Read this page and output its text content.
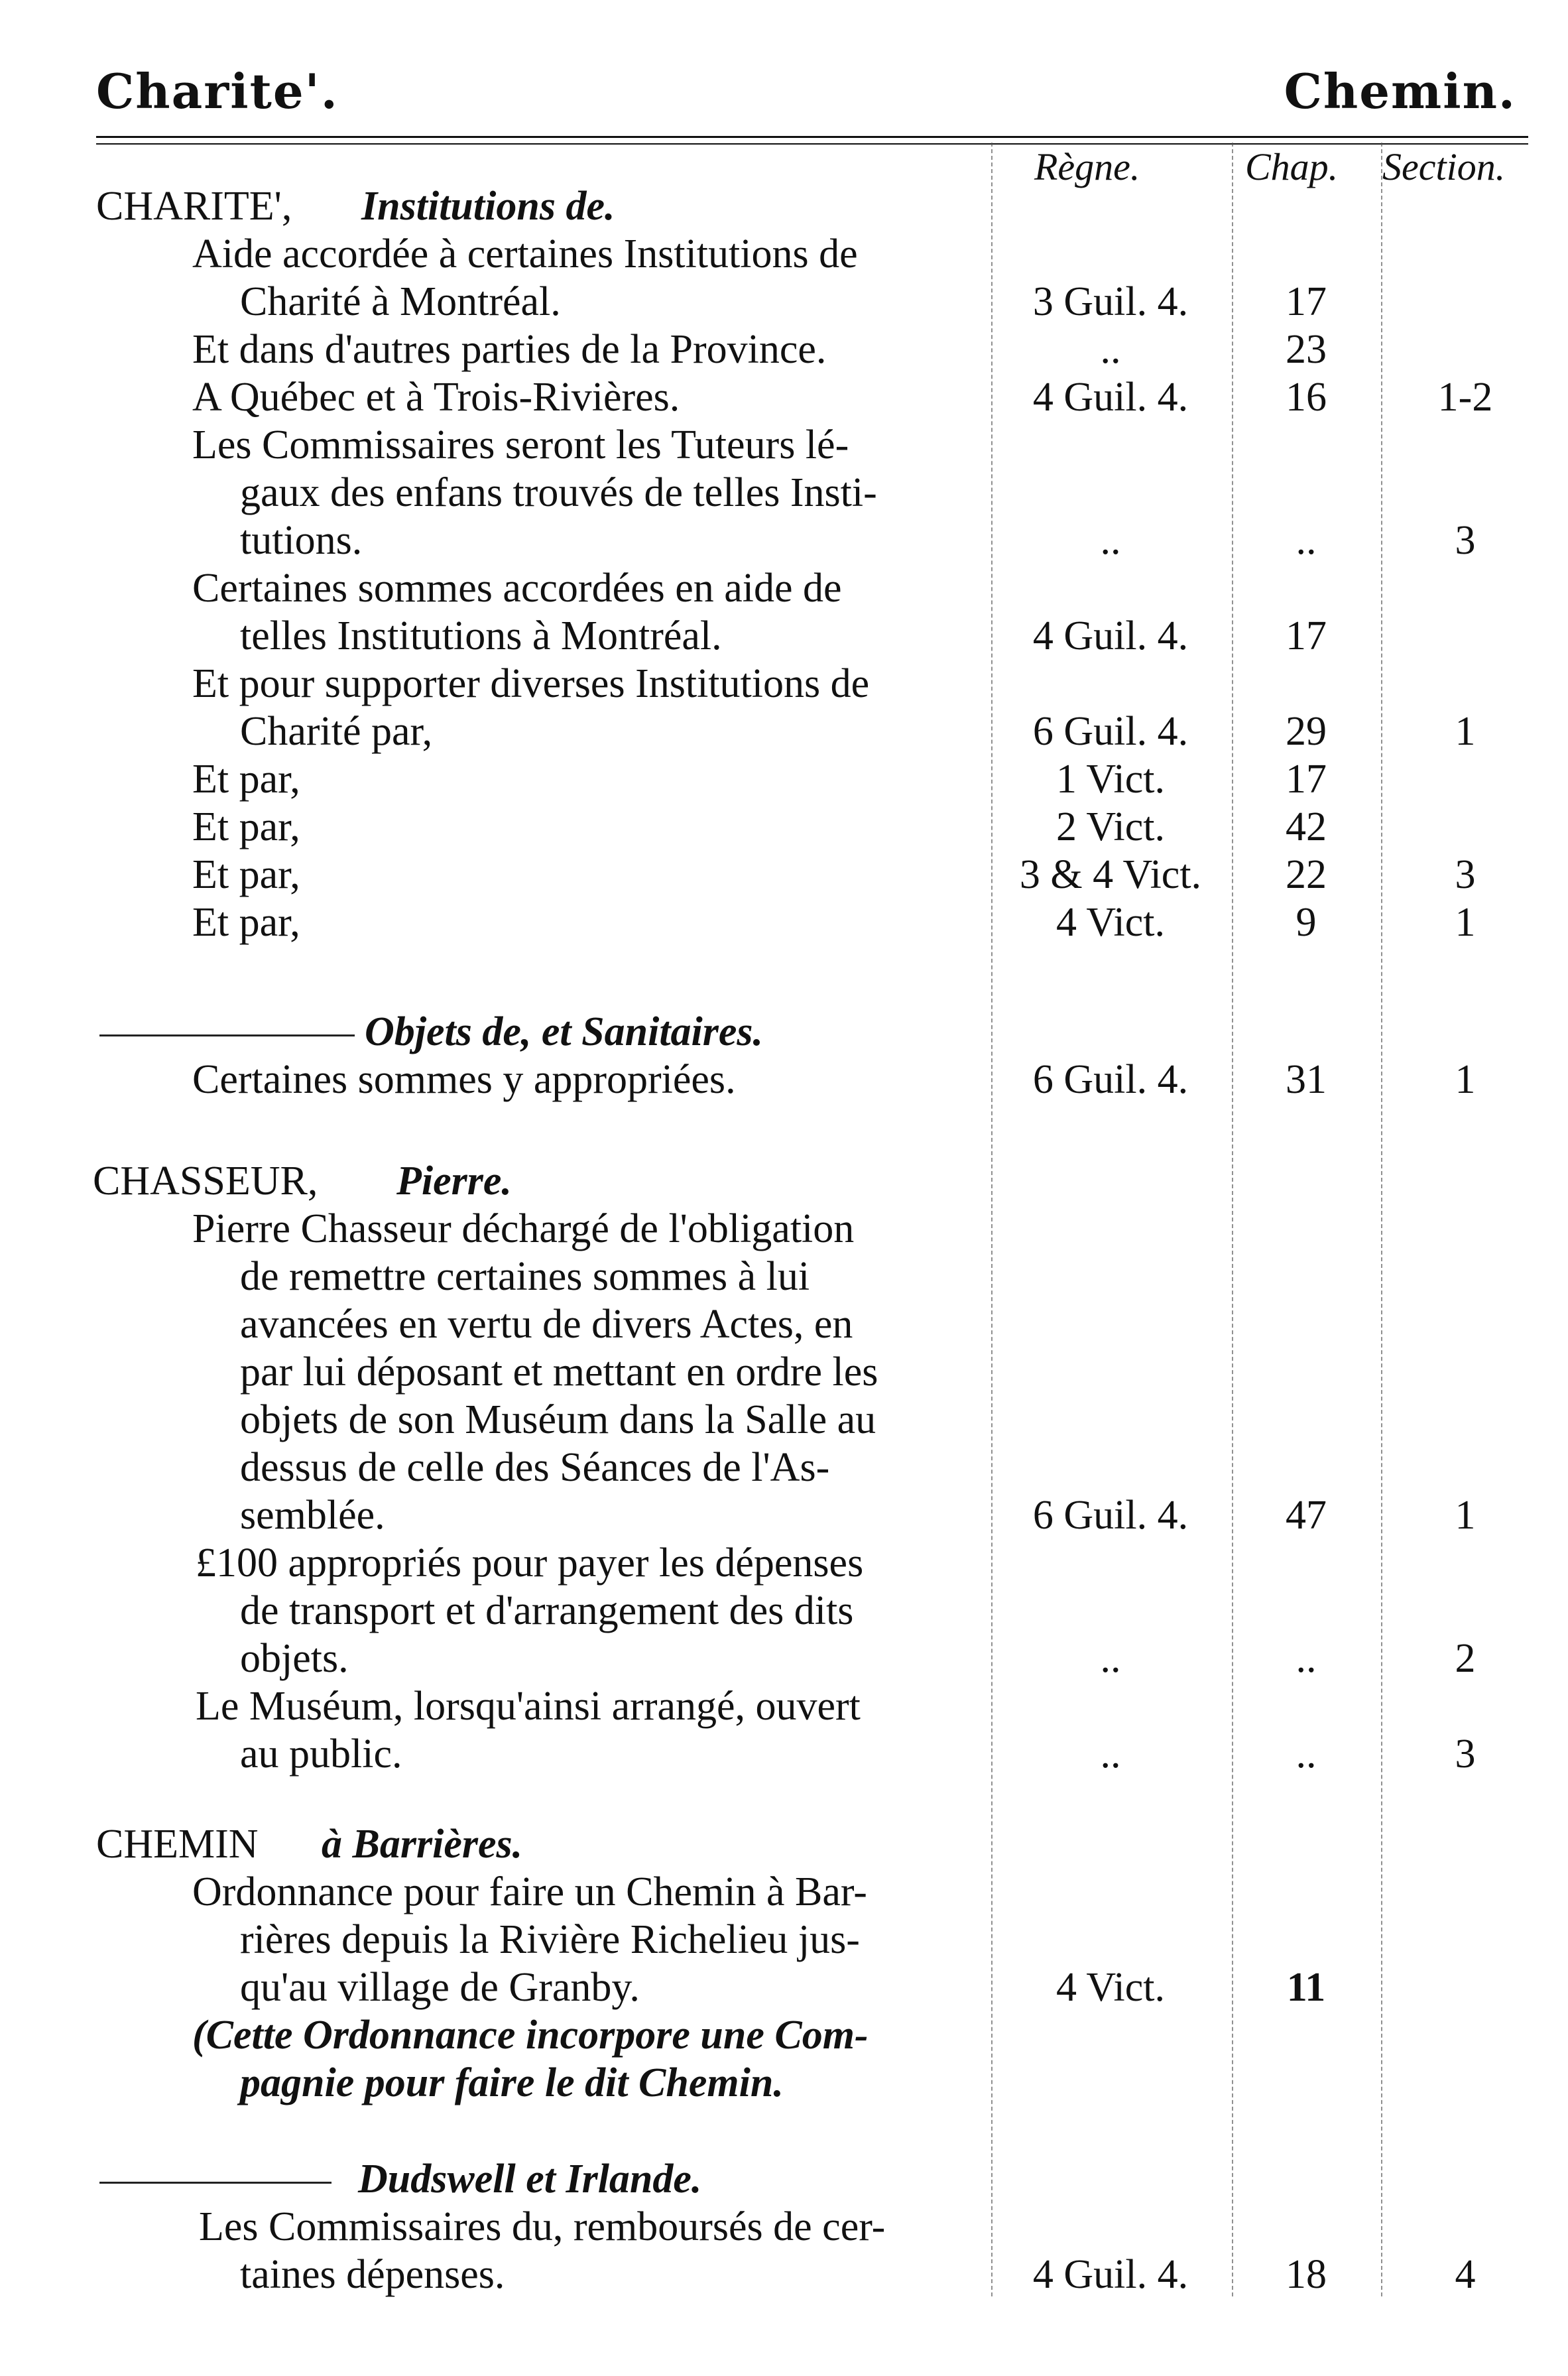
Charite'.	Chemin.
Règne.	Chap. Section.
CHARITE', Institutions de.
Aide accordée à certaines Institutions de
Charité à Montréal.	3 Guil. 4.	17
Et dans d'autres parties de la Province.	..	23
A Québec et à Trois-Rivières.	4 Guil. 4.	16	1-2
Les Commissaires seront les Tuteurs lé-
gaux des enfans trouvés de telles Insti-
tutions.	..	..	3
Certaines sommes accordées en aide de
telles Institutions à Montréal.	4 Guil. 4.	17
Et pour supporter diverses Institutions de
Charité par,	6 Guil. 4.	29	1
Et par,	1 Vict.	17
Et par,	2 Vict.	42
Et par,	3 & 4 Vict.	22	3
Et par,	4 Vict.	9	1
Objets de, et Sanitaires.
Certaines sommes y appropriées.	6 Guil. 4.	31	1
CHASSEUR, Pierre.
Pierre Chasseur déchargé de l'obligation
de remettre certaines sommes à lui
avancées en vertu de divers Actes, en
par lui déposant et mettant en ordre les
objets de son Muséum dans la Salle au
dessus de celle des Séances de l'As-
semblée.	6 Guil. 4.	47	1
£100 appropriés pour payer les dépenses
de transport et d'arrangement des dits
objets.	..	..	2
Le Muséum, lorsqu'ainsi arrangé, ouvert
au public.	..	..	3
CHEMIN à Barrières.
Ordonnance pour faire un Chemin à Bar-
rières depuis la Rivière Richelieu jus-
qu'au village de Granby.	4 Vict.	11
(Cette Ordonnance incorpore une Com-
pagnie pour faire le dit Chemin.
Dudswell et Irlande.
Les Commissaires du, remboursés de cer-
taines dépenses.	4 Guil. 4.	18	4
